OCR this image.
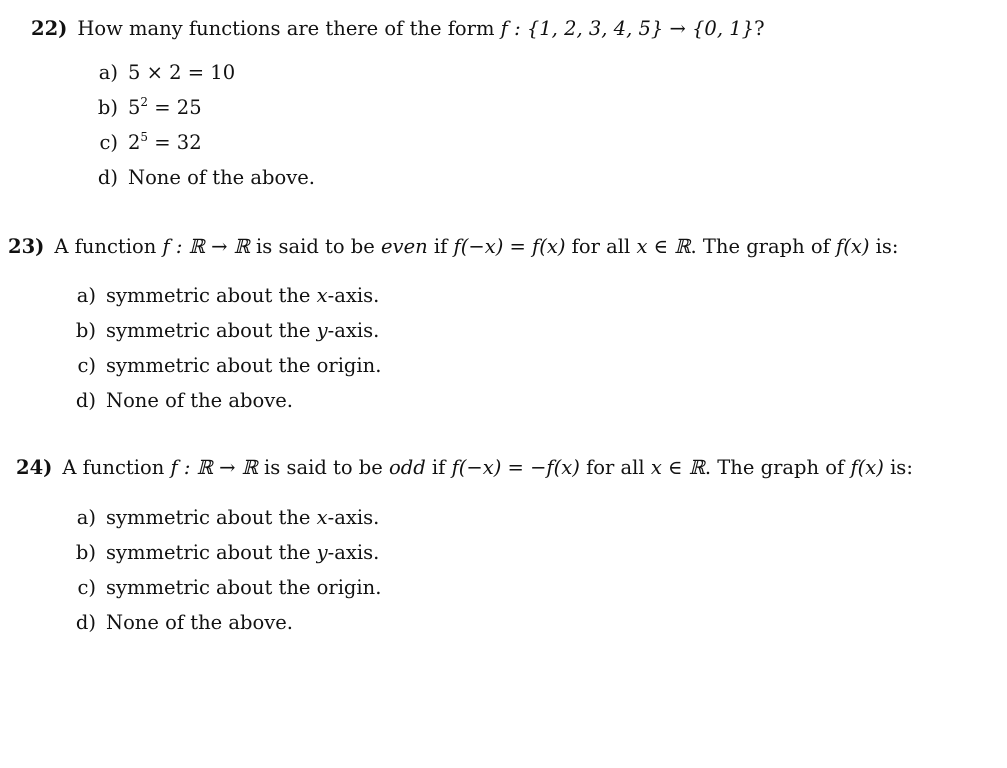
22) How many functions are there of the form f : {1, 2, 3, 4, 5} → {0, 1}?
a) 5 × 2 = 10
b) $5^2 = 25$
c) $2^5 = 32$
d) None of the above.
23) A function f : ℝ → ℝ is said to be even if f(−x) = f(x) for all x ∈ ℝ. The graph of f(x) is:
a) symmetric about the x-axis.
b) symmetric about the y-axis.
c) symmetric about the origin.
d) None of the above.
24) A function f : ℝ → ℝ is said to be odd if f(−x) = −f(x) for all x ∈ ℝ. The graph of f(x) is:
a) symmetric about the x-axis.
b) symmetric about the y-axis.
c) symmetric about the origin.
d) None of the above.
